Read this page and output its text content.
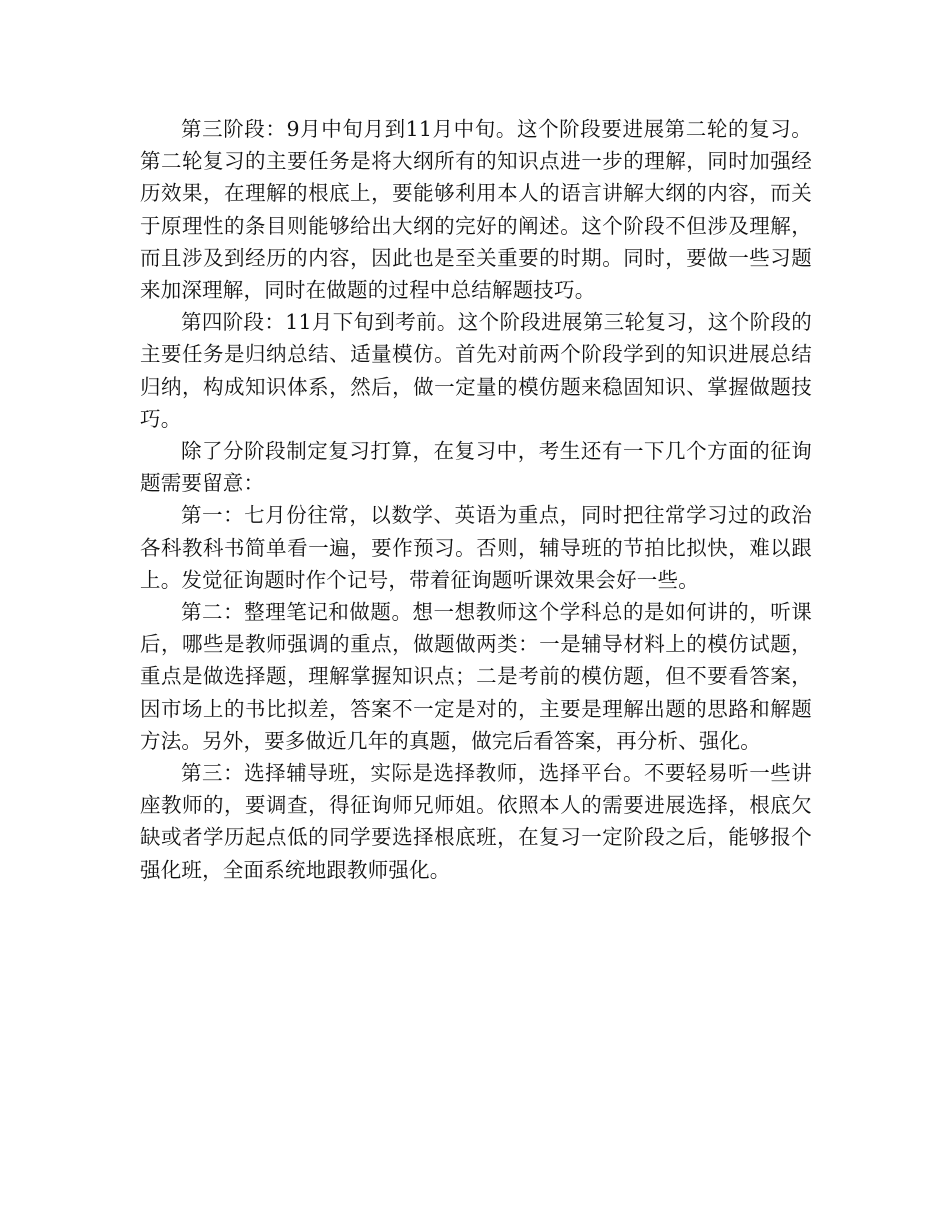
第三阶段：9月中旬月到11月中旬。这个阶段要进展第二轮的复习。第二轮复习的主要任务是将大纲所有的知识点进一步的理解，同时加强经历效果，在理解的根底上，要能够利用本人的语言讲解大纲的内容，而关于原理性的条目则能够给出大纲的完好的阐述。这个阶段不但涉及理解，而且涉及到经历的内容，因此也是至关重要的时期。同时，要做一些习题来加深理解，同时在做题的过程中总结解题技巧。

第四阶段：11月下旬到考前。这个阶段进展第三轮复习，这个阶段的主要任务是归纳总结、适量模仿。首先对前两个阶段学到的知识进展总结归纳，构成知识体系，然后，做一定量的模仿题来稳固知识、掌握做题技巧。

除了分阶段制定复习打算，在复习中，考生还有一下几个方面的征询题需要留意：

第一：七月份往常，以数学、英语为重点，同时把往常学习过的政治各科教科书简单看一遍，要作预习。否则，辅导班的节拍比拟快，难以跟上。发觉征询题时作个记号，带着征询题听课效果会好一些。

第二：整理笔记和做题。想一想教师这个学科总的是如何讲的，听课后，哪些是教师强调的重点，做题做两类：一是辅导材料上的模仿试题，重点是做选择题，理解掌握知识点；二是考前的模仿题，但不要看答案，因市场上的书比拟差，答案不一定是对的，主要是理解出题的思路和解题方法。另外，要多做近几年的真题，做完后看答案，再分析、强化。

第三：选择辅导班，实际是选择教师，选择平台。不要轻易听一些讲座教师的，要调查，得征询师兄师姐。依照本人的需要进展选择，根底欠缺或者学历起点低的同学要选择根底班，在复习一定阶段之后，能够报个强化班，全面系统地跟教师强化。
